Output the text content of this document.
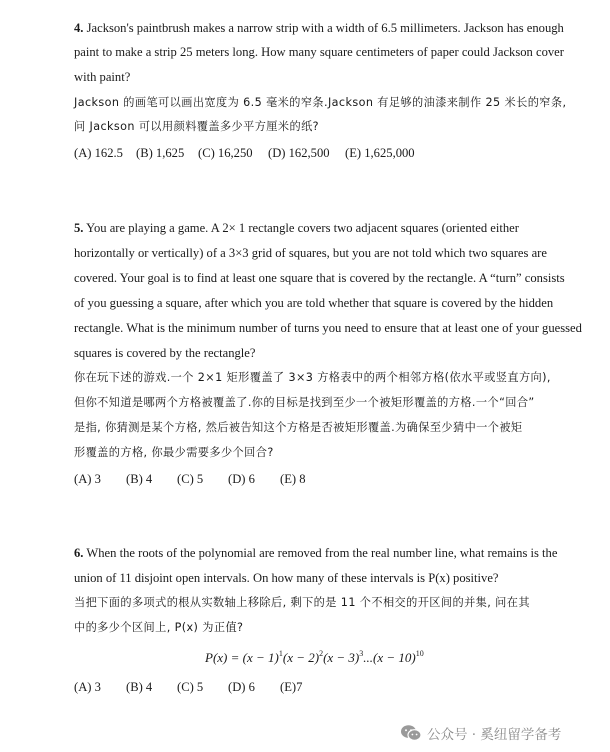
4. Jackson's paintbrush makes a narrow strip with a width of 6.5 millimeters. Jackson has enough
paint to make a strip 25 meters long. How many square centimeters of paper could Jackson cover
with paint?
Jackson 的画笔可以画出宽度为 6.5 毫米的窄条.Jackson 有足够的油漆来制作 25 米长的窄条,
问 Jackson 可以用颜料覆盖多少平方厘米的纸?
(A) 162.5 (B) 1,625 (C) 16,250 (D) 162,500 (E) 1,625,000
5. You are playing a game. A 2× 1 rectangle covers two adjacent squares (oriented either
horizontally or vertically) of a 3×3 grid of squares, but you are not told which two squares are
covered. Your goal is to find at least one square that is covered by the rectangle. A “turn” consists
of you guessing a square, after which you are told whether that square is covered by the hidden
rectangle. What is the minimum number of turns you need to ensure that at least one of your guessed
squares is covered by the rectangle?
你在玩下述的游戏.一个 2×1 矩形覆盖了 3×3 方格表中的两个相邻方格(依水平或竖直方向),
但你不知道是哪两个方格被覆盖了.你的目标是找到至少一个被矩形覆盖的方格.一个“回合”
是指, 你猜测是某个方格, 然后被告知这个方格是否被矩形覆盖.为确保至少猜中一个被矩
形覆盖的方格, 你最少需要多少个回合?
(A) 3 (B) 4 (C) 5 (D) 6 (E) 8
6. When the roots of the polynomial are removed from the real number line, what remains is the
union of 11 disjoint open intervals. On how many of these intervals is P(x) positive?
当把下面的多项式的根从实数轴上移除后, 剩下的是 11 个不相交的开区间的并集, 问在其
中的多少个区间上, P(x) 为正值?
$P(x) = (x - 1)^1(x - 2)^2(x - 3)^3...(x - 10)^{10}$
(A) 3 (B) 4 (C) 5 (D) 6 (E)7
公众号 · 奚纽留学备考
